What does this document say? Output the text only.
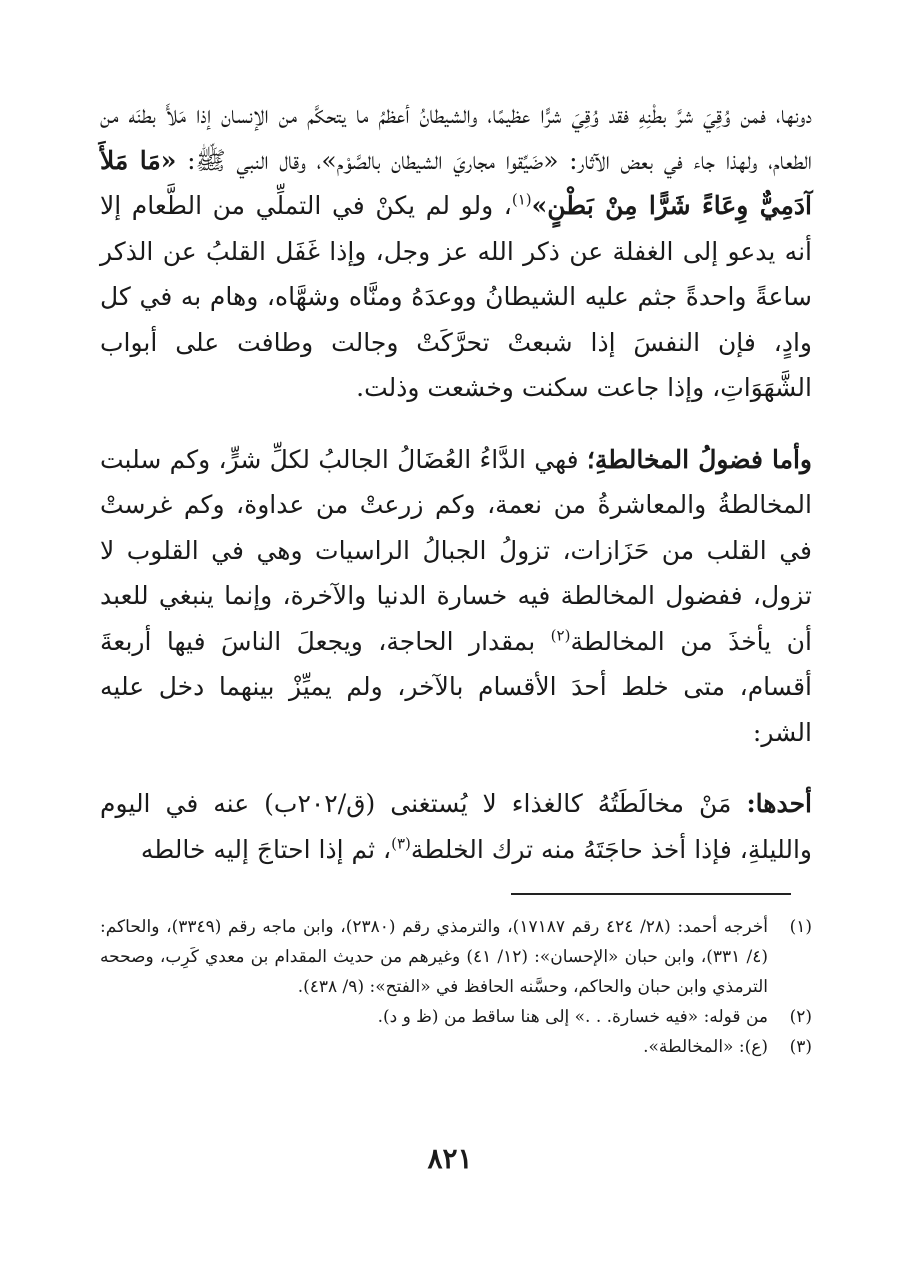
دونها، فمن وُقِيَ شرَّ بطْنِهِ فقد وُقِيَ شرًّا عظيمًا، والشيطانُ أعظمُ ما يتحكَّم من الإنسان إذا مَلأَ بطنَه من الطعام، ولهذا جاء في بعض الآثار: «ضَيِّقوا مجاريَ الشيطان بالصَّوْم»، وقال النبي ﷺ: «مَا مَلأَ آدَمِيٌّ وِعَاءً شَرًّا مِنْ بَطْنٍ»$^{(١)}$، ولو لم يكنْ في التملِّي من الطَّعام إلا أنه يدعو إلى الغفلة عن ذكر الله عز وجل، وإذا غَفَل القلبُ عن الذكر ساعةً واحدةً جثم عليه الشيطانُ ووعدَهُ ومنَّاه وشهَّاه، وهام به في كل وادٍ، فإن النفسَ إذا شبعتْ تحرَّكَتْ وجالت وطافت على أبواب الشَّهَوَاتِ، وإذا جاعت سكنت وخشعت وذلت.

وأما فضولُ المخالطةِ؛ فهي الدَّاءُ العُضَالُ الجالبُ لكلِّ شرٍّ، وكم سلبت المخالطةُ والمعاشرةُ من نعمة، وكم زرعتْ من عداوة، وكم غرستْ في القلب من حَزَازات، تزولُ الجبالُ الراسيات وهي في القلوب لا تزول، ففضول المخالطة فيه خسارة الدنيا والآخرة، وإنما ينبغي للعبد أن يأخذَ من المخالطة$^{(٢)}$ بمقدار الحاجة، ويجعلَ الناسَ فيها أربعةَ أقسام، متى خلط أحدَ الأقسام بالآخر، ولم يميِّزْ بينهما دخل عليه الشر:

أحدها: مَنْ مخالَطَتُهُ كالغذاء لا يُستغنى (ق/٢٠٢ب) عنه في اليوم والليلةِ، فإذا أخذ حاجَتَهُ منه ترك الخلطة$^{(٣)}$، ثم إذا احتاجَ إليه خالطه

(١)
أخرجه أحمد: (٢٨/ ٤٢٤ رقم ١٧١٨٧)، والترمذي رقم (٢٣٨٠)، وابن ماجه رقم (٣٣٤٩)، والحاكم: (٤/ ٣٣١)، وابن حبان «الإحسان»: (١٢/ ٤١) وغيرهم من حديث المقدام بن معدي كَرِب، وصححه الترمذي وابن حبان والحاكم، وحسَّنه الحافظ في «الفتح»: (٩/ ٤٣٨).
(٢)
من قوله: «فيه خسارة. . .» إلى هنا ساقط من (ظ و د).
(٣)
(ع): «المخالطة».
٨٢١
